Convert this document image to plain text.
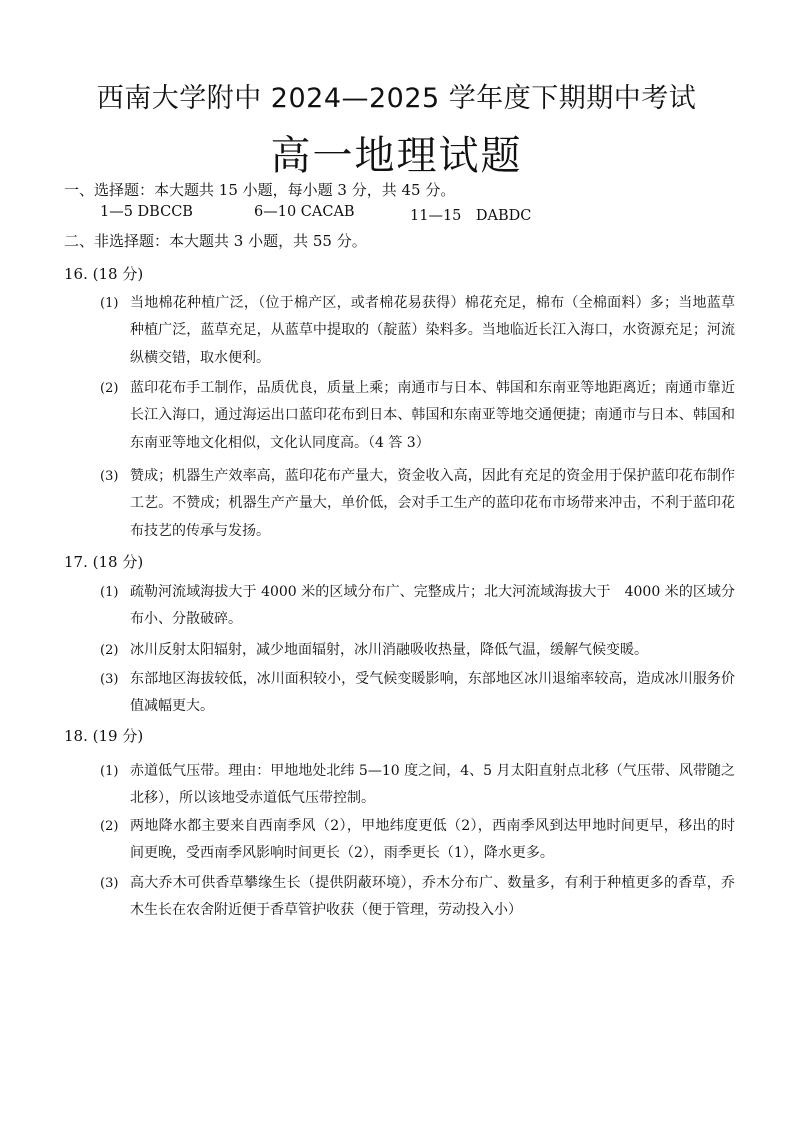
西南大学附中 2024—2025 学年度下期期中考试
高一地理试题
一、选择题：本大题共 15 小题，每小题 3 分，共 45 分。
1—5 DBCCB	6—10 CACAB	11—15　DABDC
二、非选择题：本大题共 3 小题，共 55 分。
16. (18 分)
(1) 当地棉花种植广泛，（位于棉产区，或者棉花易获得）棉花充足，棉布（全棉面料）多；当地蓝草种植广泛，蓝草充足，从蓝草中提取的（靛蓝）染料多。当地临近长江入海口，水资源充足；河流纵横交错，取水便利。
(2) 蓝印花布手工制作，品质优良，质量上乘；南通市与日本、韩国和东南亚等地距离近；南通市靠近长江入海口，通过海运出口蓝印花布到日本、韩国和东南亚等地交通便捷；南通市与日本、韩国和东南亚等地文化相似，文化认同度高。（4 答 3）
(3) 赞成；机器生产效率高，蓝印花布产量大，资金收入高，因此有充足的资金用于保护蓝印花布制作工艺。不赞成；机器生产产量大，单价低，会对手工生产的蓝印花布市场带来冲击，不利于蓝印花布技艺的传承与发扬。
17. (18 分)
(1) 疏勒河流域海拔大于 4000 米的区域分布广、完整成片；北大河流域海拔大于　4000 米的区域分布小、分散破碎。
(2) 冰川反射太阳辐射，减少地面辐射，冰川消融吸收热量，降低气温，缓解气候变暖。
(3) 东部地区海拔较低，冰川面积较小，受气候变暖影响，东部地区冰川退缩率较高，造成冰川服务价值减幅更大。
18. (19 分)
(1) 赤道低气压带。理由：甲地地处北纬 5—10 度之间，4、5 月太阳直射点北移（气压带、风带随之北移），所以该地受赤道低气压带控制。
(2) 两地降水都主要来自西南季风（2），甲地纬度更低（2），西南季风到达甲地时间更早，移出的时间更晚，受西南季风影响时间更长（2），雨季更长（1），降水更多。
(3) 高大乔木可供香草攀缘生长（提供阴蔽环境），乔木分布广、数量多，有利于种植更多的香草，乔木生长在农舍附近便于香草管护收获（便于管理，劳动投入小）
